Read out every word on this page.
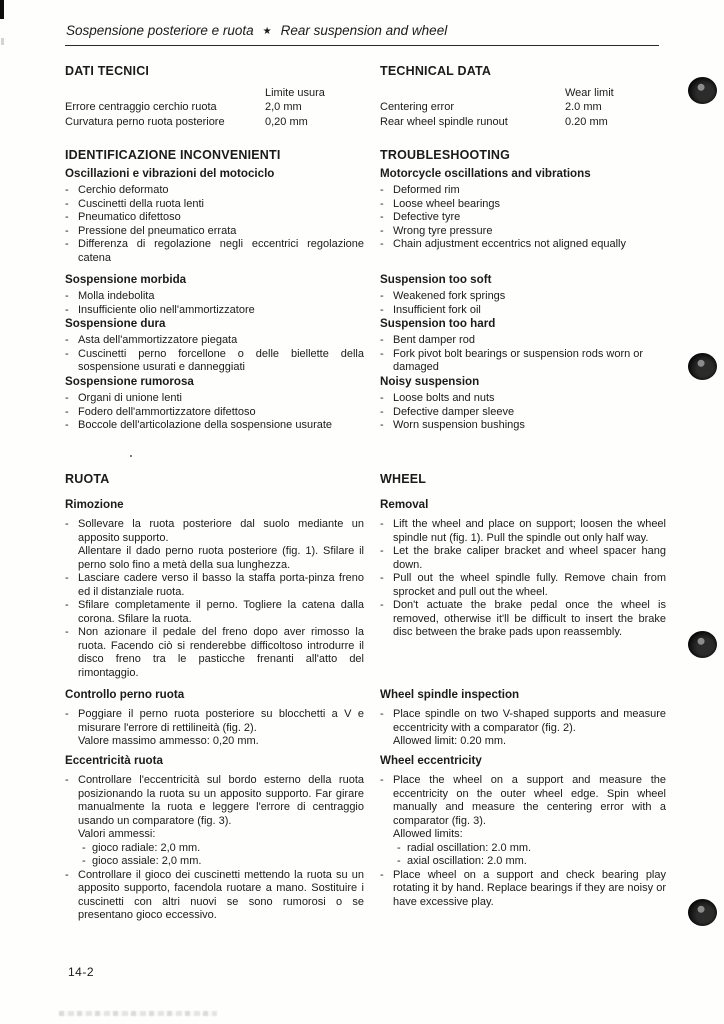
Sospensione posteriore e ruota ★ Rear suspension and wheel
DATI TECNICI
Limite usura
Errore centraggio cerchio ruota	2,0 mm
Curvatura perno ruota posteriore	0,20 mm
IDENTIFICAZIONE INCONVENIENTI
Oscillazioni e vibrazioni del motociclo
- Cerchio deformato
- Cuscinetti della ruota lenti
- Pneumatico difettoso
- Pressione del pneumatico errata
- Differenza di regolazione negli eccentrici regolazione catena
Sospensione morbida
- Molla indebolita
- Insufficiente olio nell'ammortizzatore
Sospensione dura
- Asta dell'ammortizzatore piegata
- Cuscinetti perno forcellone o delle biellette della sospensione usurati e danneggiati
Sospensione rumorosa
- Organi di unione lenti
- Fodero dell'ammortizzatore difettoso
- Boccole dell'articolazione della sospensione usurate
RUOTA
Rimozione
- Sollevare la ruota posteriore dal suolo mediante un apposito supporto.
Allentare il dado perno ruota posteriore (fig. 1). Sfilare il perno solo fino a metà della sua lunghezza.
- Lasciare cadere verso il basso la staffa porta-pinza freno ed il distanziale ruota.
- Sfilare completamente il perno. Togliere la catena dalla corona. Sfilare la ruota.
- Non azionare il pedale del freno dopo aver rimosso la ruota. Facendo ciò si renderebbe difficoltoso introdurre il disco freno tra le pasticche frenanti all'atto del rimontaggio.
Controllo perno ruota
- Poggiare il perno ruota posteriore su blocchetti a V e misurare l'errore di rettilineità (fig. 2).
Valore massimo ammesso: 0,20 mm.
Eccentricità ruota
- Controllare l'eccentricità sul bordo esterno della ruota posizionando la ruota su un apposito supporto. Far girare manualmente la ruota e leggere l'errore di centraggio usando un comparatore (fig. 3).
Valori ammessi:
- gioco radiale: 2,0 mm.
- gioco assiale: 2,0 mm.
- Controllare il gioco dei cuscinetti mettendo la ruota su un apposito supporto, facendola ruotare a mano. Sostituire i cuscinetti con altri nuovi se sono rumorosi o se presentano gioco eccessivo.
TECHNICAL DATA
Wear limit
Centering error	2.0 mm
Rear wheel spindle runout	0.20 mm
TROUBLESHOOTING
Motorcycle oscillations and vibrations
- Deformed rim
- Loose wheel bearings
- Defective tyre
- Wrong tyre pressure
- Chain adjustment eccentrics not aligned equally
Suspension too soft
- Weakened fork springs
- Insufficient fork oil
Suspension too hard
- Bent damper rod
- Fork pivot bolt bearings or suspension rods worn or damaged
Noisy suspension
- Loose bolts and nuts
- Defective damper sleeve
- Worn suspension bushings
WHEEL
Removal
- Lift the wheel and place on support; loosen the wheel spindle nut (fig. 1). Pull the spindle out only half way.
- Let the brake caliper bracket and wheel spacer hang down.
- Pull out the wheel spindle fully. Remove chain from sprocket and pull out the wheel.
- Don't actuate the brake pedal once the wheel is removed, otherwise it'll be difficult to insert the brake disc between the brake pads upon reassembly.
Wheel spindle inspection
- Place spindle on two V-shaped supports and measure eccentricity with a comparator (fig. 2).
Allowed limit: 0.20 mm.
Wheel eccentricity
- Place the wheel on a support and measure the eccentricity on the outer wheel edge. Spin wheel manually and measure the centering error with a comparator (fig. 3).
Allowed limits:
- radial oscillation: 2.0 mm.
- axial oscillation: 2.0 mm.
- Place wheel on a support and check bearing play rotating it by hand. Replace bearings if they are noisy or have excessive play.
14-2
